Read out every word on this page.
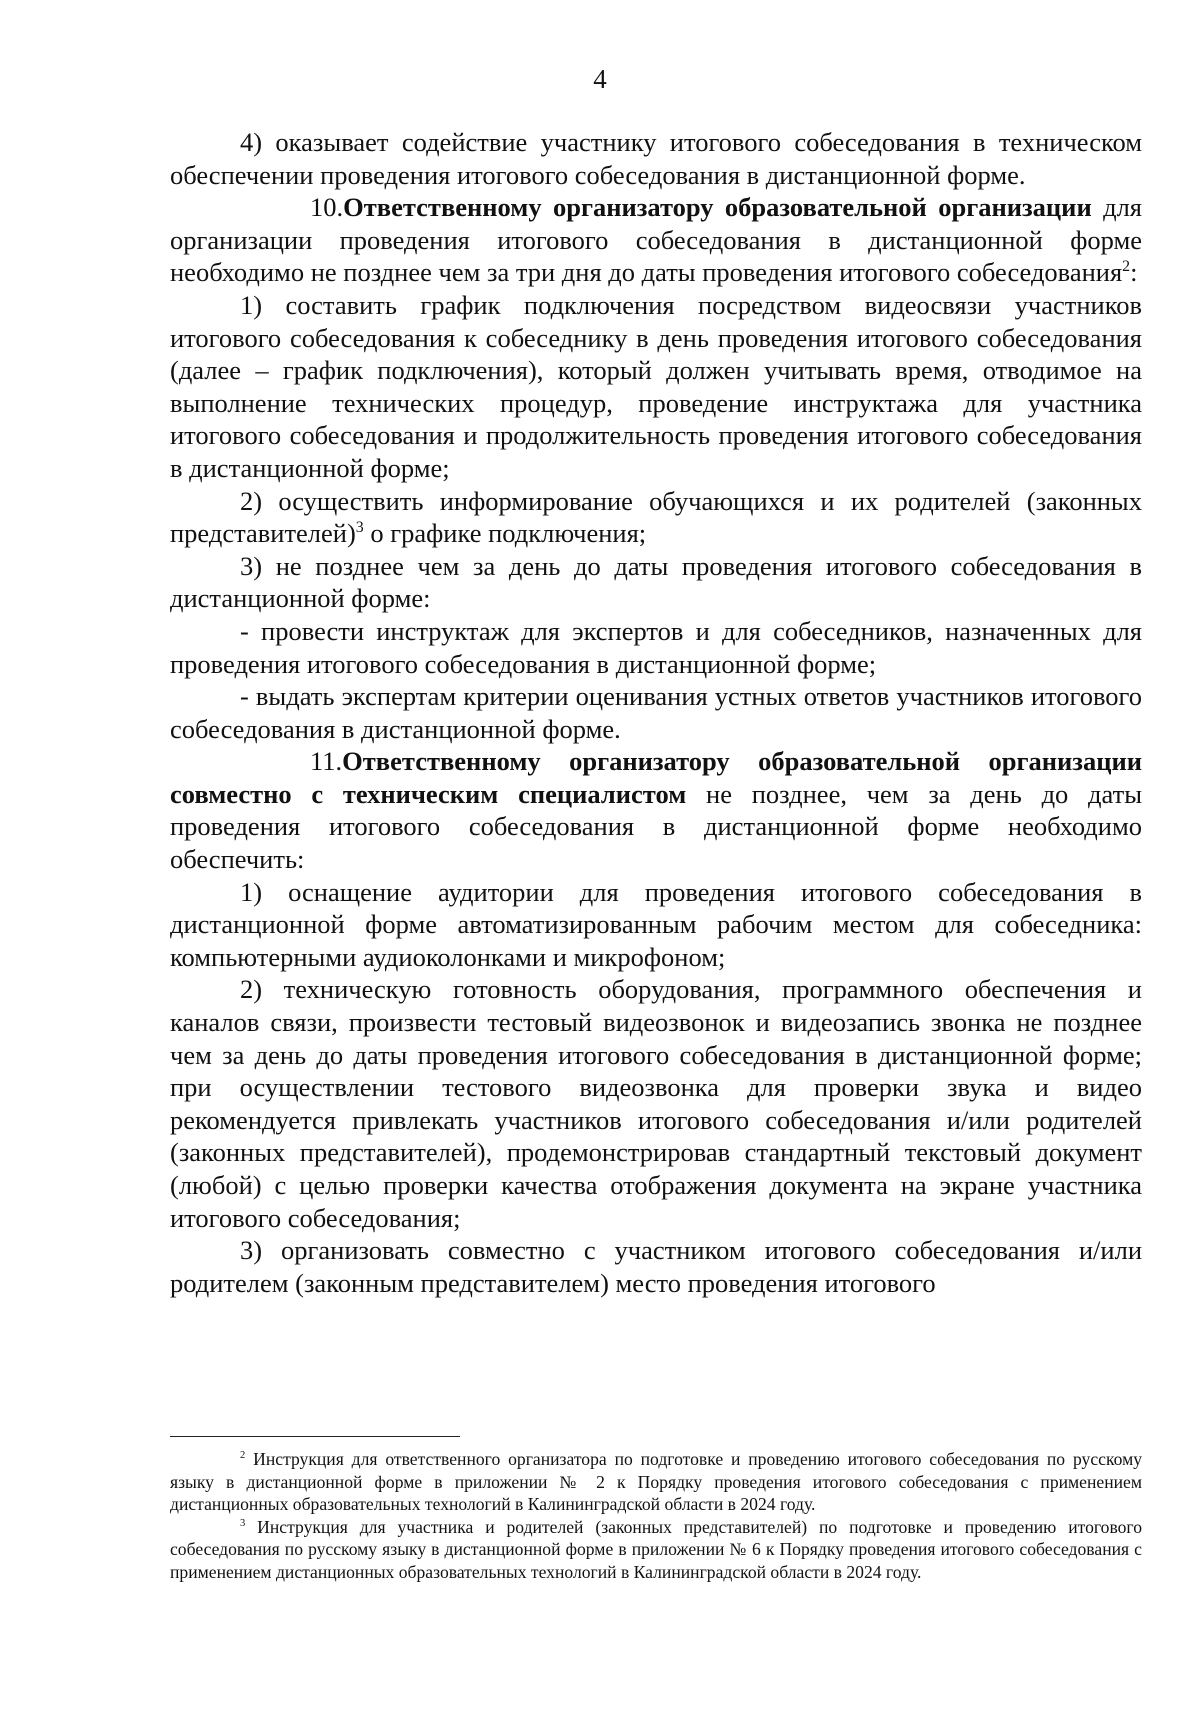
4

4) оказывает содействие участнику итогового собеседования в техническом обеспечении проведения итогового собеседования в дистанционной форме.

10.Ответственному организатору образовательной организации для организации проведения итогового собеседования в дистанционной форме необходимо не позднее чем за три дня до даты проведения итогового собеседования$^2$:

1) составить график подключения посредством видеосвязи участников итогового собеседования к собеседнику в день проведения итогового собеседования (далее – график подключения), который должен учитывать время, отводимое на выполнение технических процедур, проведение инструктажа для участника итогового собеседования и продолжительность проведения итогового собеседования в дистанционной форме;

2) осуществить информирование обучающихся и их родителей (законных представителей)$^3$ о графике подключения;

3) не позднее чем за день до даты проведения итогового собеседования в дистанционной форме:

- провести инструктаж для экспертов и для собеседников, назначенных для проведения итогового собеседования в дистанционной форме;

- выдать экспертам критерии оценивания устных ответов участников итогового собеседования в дистанционной форме.

11.Ответственному организатору образовательной организации совместно с техническим специалистом не позднее, чем за день до даты проведения итогового собеседования в дистанционной форме необходимо обеспечить:

1) оснащение аудитории для проведения итогового собеседования в дистанционной форме автоматизированным рабочим местом для собеседника: компьютерными аудиоколонками и микрофоном;

2) техническую готовность оборудования, программного обеспечения и каналов связи, произвести тестовый видеозвонок и видеозапись звонка не позднее чем за день до даты проведения итогового собеседования в дистанционной форме; при осуществлении тестового видеозвонка для проверки звука и видео рекомендуется привлекать участников итогового собеседования и/или родителей (законных представителей), продемонстрировав стандартный текстовый документ (любой) с целью проверки качества отображения документа на экране участника итогового собеседования;

3) организовать совместно с участником итогового собеседования и/или родителем (законным представителем) место проведения итогового

$^2$ Инструкция для ответственного организатора по подготовке и проведению итогового собеседования по русскому языку в дистанционной форме в приложении № 2 к Порядку проведения итогового собеседования с применением дистанционных образовательных технологий в Калининградской области в 2024 году.

$^3$ Инструкция для участника и родителей (законных представителей) по подготовке и проведению итогового собеседования по русскому языку в дистанционной форме в приложении № 6 к Порядку проведения итогового собеседования с применением дистанционных образовательных технологий в Калининградской области в 2024 году.
